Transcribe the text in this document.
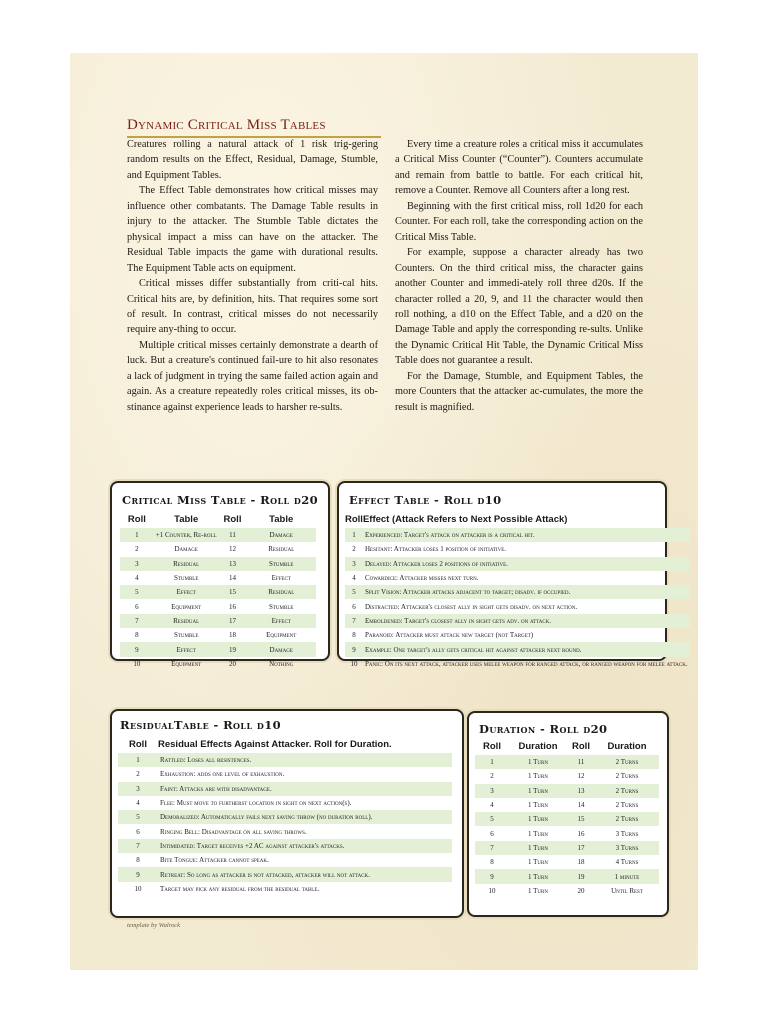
Dynamic Critical Miss Tables

Creatures rolling a natural attack of 1 risk trig-gering random results on the Effect, Residual, Damage, Stumble, and Equipment Tables.

The Effect Table demonstrates how critical misses may influence other combatants. The Damage Table results in injury to the attacker. The Stumble Table dictates the physical impact a miss can have on the attacker. The Residual Table impacts the game with durational results. The Equipment Table acts on equipment.

Critical misses differ substantially from criti-cal hits. Critical hits are, by definition, hits. That requires some sort of result. In contrast, critical misses do not necessarily require any-thing to occur.

Multiple critical misses certainly demonstrate a dearth of luck. But a creature's continued fail-ure to hit also resonates a lack of judgment in trying the same failed action again and again. As a creature repeatedly roles critical misses, its ob-stinance against experience leads to harsher re-sults.

Every time a creature roles a critical miss it accumulates a Critical Miss Counter (“Counter”). Counters accumulate and remain from battle to battle. For each critical hit, remove a Counter. Remove all Counters after a long rest.

Beginning with the first critical miss, roll 1d20 for each Counter. For each roll, take the corresponding action on the Critical Miss Table.

For example, suppose a character already has two Counters. On the third critical miss, the character gains another Counter and immedi-ately roll three d20s. If the character rolled a 20, 9, and 11 the character would then roll nothing, a d10 on the Effect Table, and a d20 on the Damage Table and apply the corresponding re-sults. Unlike the Dynamic Critical Hit Table, the Dynamic Critical Miss Table does not guarantee a result.

For the Damage, Stumble, and Equipment Tables, the more Counters that the attacker ac-cumulates, the more the result is magnified.

Critical Miss Table - Roll d20
Roll	Table	Roll	Table
1	+1 Counter, Re-roll	11	Damage
2	Damage	12	Residual
3	Residual	13	Stumble
4	Stumble	14	Effect
5	Effect	15	Residual
6	Equipment	16	Stumble
7	Residual	17	Effect
8	Stumble	18	Equipment
9	Effect	19	Damage
10	Equipment	20	Nothing
Effect Table - Roll d10
Roll	Effect (Attack Refers to Next Possible Attack)
1	Experienced: Target's attack on attacker is a critical hit.
2	Hesitant: Attacker loses 1 position of initiative.
3	Delayed: Attacker loses 2 positions of initiative.
4	Cowardice: Attacker misses next turn.
5	Split Vision: Attacker attacks adjacent to target; disadv. if occupied.
6	Distracted: Attacker's closest ally in sight gets disadv. on next action.
7	Emboldened: Target's closest ally in sight gets adv. on attack.
8	Paranoid: Attacker must attack new target (not Target)
9	Example: One target's ally gets critical hit against attacker next round.
10	Panic: On its next attack, attacker uses melee weapon for ranged attack, or ranged weapon for melee attack.
ResidualTable - Roll d10
Roll	Residual Effects Against Attacker. Roll for Duration.
1	Rattled: Loses all resistences.
2	Exhaustion: adds one level of exhaustion.
3	Faint: Attacks are with disadvantage.
4	Flee: Must move to furtherst location in sight on next action(s).
5	Demoralized: Automatically fails next saving throw (no duration roll).
6	Ringing Bell: Disadvantage on all saving throws.
7	Intimidated: Target receives +2 AC against attacker's attacks.
8	Bite Tongue: Attacker cannot speak.
9	Retreat: So long as attacker is not attacked, attacker will not attack.
10	Target may pick any residual from the residual table.
Duration - Roll d20
Roll	Duration	Roll	Duration
1	1 Turn	11	2 Turns
2	1 Turn	12	2 Turns
3	1 Turn	13	2 Turns
4	1 Turn	14	2 Turns
5	1 Turn	15	2 Turns
6	1 Turn	16	3 Turns
7	1 Turn	17	3 Turns
8	1 Turn	18	4 Turns
9	1 Turn	19	1 minute
10	1 Turn	20	Until Rest
template by Walrock
